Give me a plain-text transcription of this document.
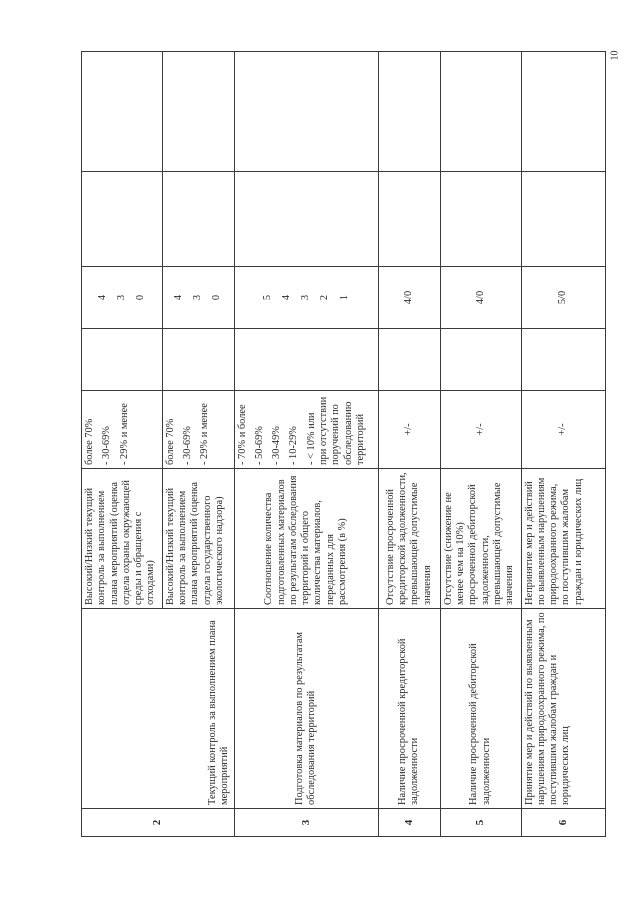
10
2	Текущий контроль за выполнением плана мероприятий	Высокий/Низкий текущий контроль за выполнением плана мероприятий (оценка отдела охраны окружающей среды и обращения с отходами)	более 70% - 30-69% - 29% и менее		4 3 0		

		Высокий/Низкий текущий контроль за выполнением плана мероприятий (оценка отдела государственного экологического надзора)	более 70% - 30-69% - 29% и менее		4 3 0		

3	Подготовка материалов по результатам обследования территорий	Соотношение количества подготовленных материалов по результатам обследования территорий и общего количества материалов, переданных для рассмотрения (в %)	- 70% и более - 50-69% - 30-49% - 10-29% - < 10% или при отсутствии поручений по обследованию территорий		5 4 3 2 1		

4	Наличие просроченной кредиторской задолженности	Отсутствие просроченной кредиторской задолженности, превышающей допустимые значения	+/-		4/0		
5	Наличие просроченной дебиторской задолженности	Отсутствие (снижение не менее чем на 10%) просроченной дебиторской задолженности, превышающей допустимые значения	+/-		4/0		
6	Принятие мер и действий по выявленным нарушениям природоохранного режима, по поступившим жалобам граждан и юридических лиц	Непринятие мер и действий по выявленным нарушениям природоохранного режима, по поступившим жалобам граждан и юридических лиц	+/-		5/0		
